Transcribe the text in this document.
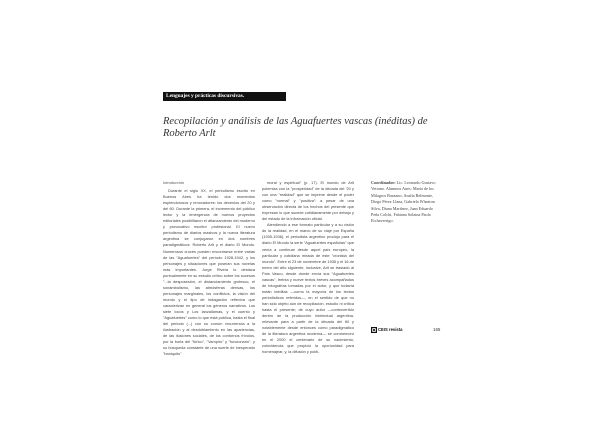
Lenguajes y prácticas discursivas.
Recopilación y análisis de las Aguafuertes vascas (inéditas) de Roberto Arlt
Introducción

Durante el siglo XX, el periodismo escrito en Buenos Aires ha tenido dos momentos esplendorosos y renovadores: los decenios del 20 y del 60. Durante la primera, el incremento del público lector y la emergencia de nuevos proyectos editoriales posibilitaron el afianzamiento del moderno y provocativo escritor profesional. El nuevo periodismo de diarios masivos y la nueva literatura argentina se conjugaron en dos nombres paradigmáticos: Roberto Arlt y el diario El Mundo. Numerosos cruces pueden encontrarse entre varias de las "Aguafuertes" del período 1928-1942, y los personajes y situaciones que poseían sus novelas más importantes. Jorge Rivera lo destaca puntualmente en su estudio crítico sobre los sucesos "...la desposesión, el distanciamiento grotesco, el sonambulismo, las atmósferas densas, los personajes marginales, los conflictos, la visión del mundo y el tipo de indagación reflexiva que caracterizan en general los géneros narrativos. Los siete locos y Los lanzallamas, y el cuento y "Aguafuertes" como lo que está publica, hasta el final del periodo (...) con su común recurrencia a la ilustración y al desdoblamiento en las apariencias, de las ilusiones sociales, de los contornos frívolos, por la burla del "fúrico", "Vampiro" y "funcionario", y su búsqueda constante de una suerte de inesperado "baniquito"

moral y espiritual" (p. 17). El mundo de Arlt polemiza con la "prosperidad" de la década del '20 y con una "realidad" que se imprime desde el poder como "normal" y "positiva": a pesar de una observación directa de los hechos del presente que expresan lo que sucede cotidianamente por debajo y del estado de la información oficial.

Atendiendo a ese formato particular y a su visión de la realidad, en el marco de su viaje por España (1935-1936), el periodista argentino produjo para el diario El Mundo la serie "Aguafuertes españolas" que venía a continuar desde aquel país europeo, la particular y cotidiana mirada de este "cronista del mundo". Entre el 23 de noviembre de 1935 y el 16 de enero del año siguiente, inclusive, Arlt se trasladó al País Vasco, desde donde envía sus "Aguafuertes vascas", treinta y nueve textos breves acompañados de fotografías tomadas por el autor, y que todavía están inéditas —como la mayoría de los textos periodísticos referidos—, en el sentido de que no han sido objeto aún de recopilación, estudio ni crítica hasta el presente; de cuyo autor —controvertido dentro de la producción intelectual argentina, relevante para a partir de la década del 60 y notablemente desde entonces como paradigmático de la literatura argentina moderna— se conmemoró en el 2000 el centenario de su nacimiento, coincidencia que propició la oportunidad para homenajear, y, la difusión y publi-

Coordinador: Lic. Leonardo Gustavo Vetrano. Alumnos Anes: María de los Milagros Bazzano, Analía Belmonte, Diego Pérez Llana, Gabriela Wheaton Silva, Diana Martínez, Juan Eduardo Peña Colchi, Fabiana Solaina Paola Etchaverrigo.
CEIS revista	165
